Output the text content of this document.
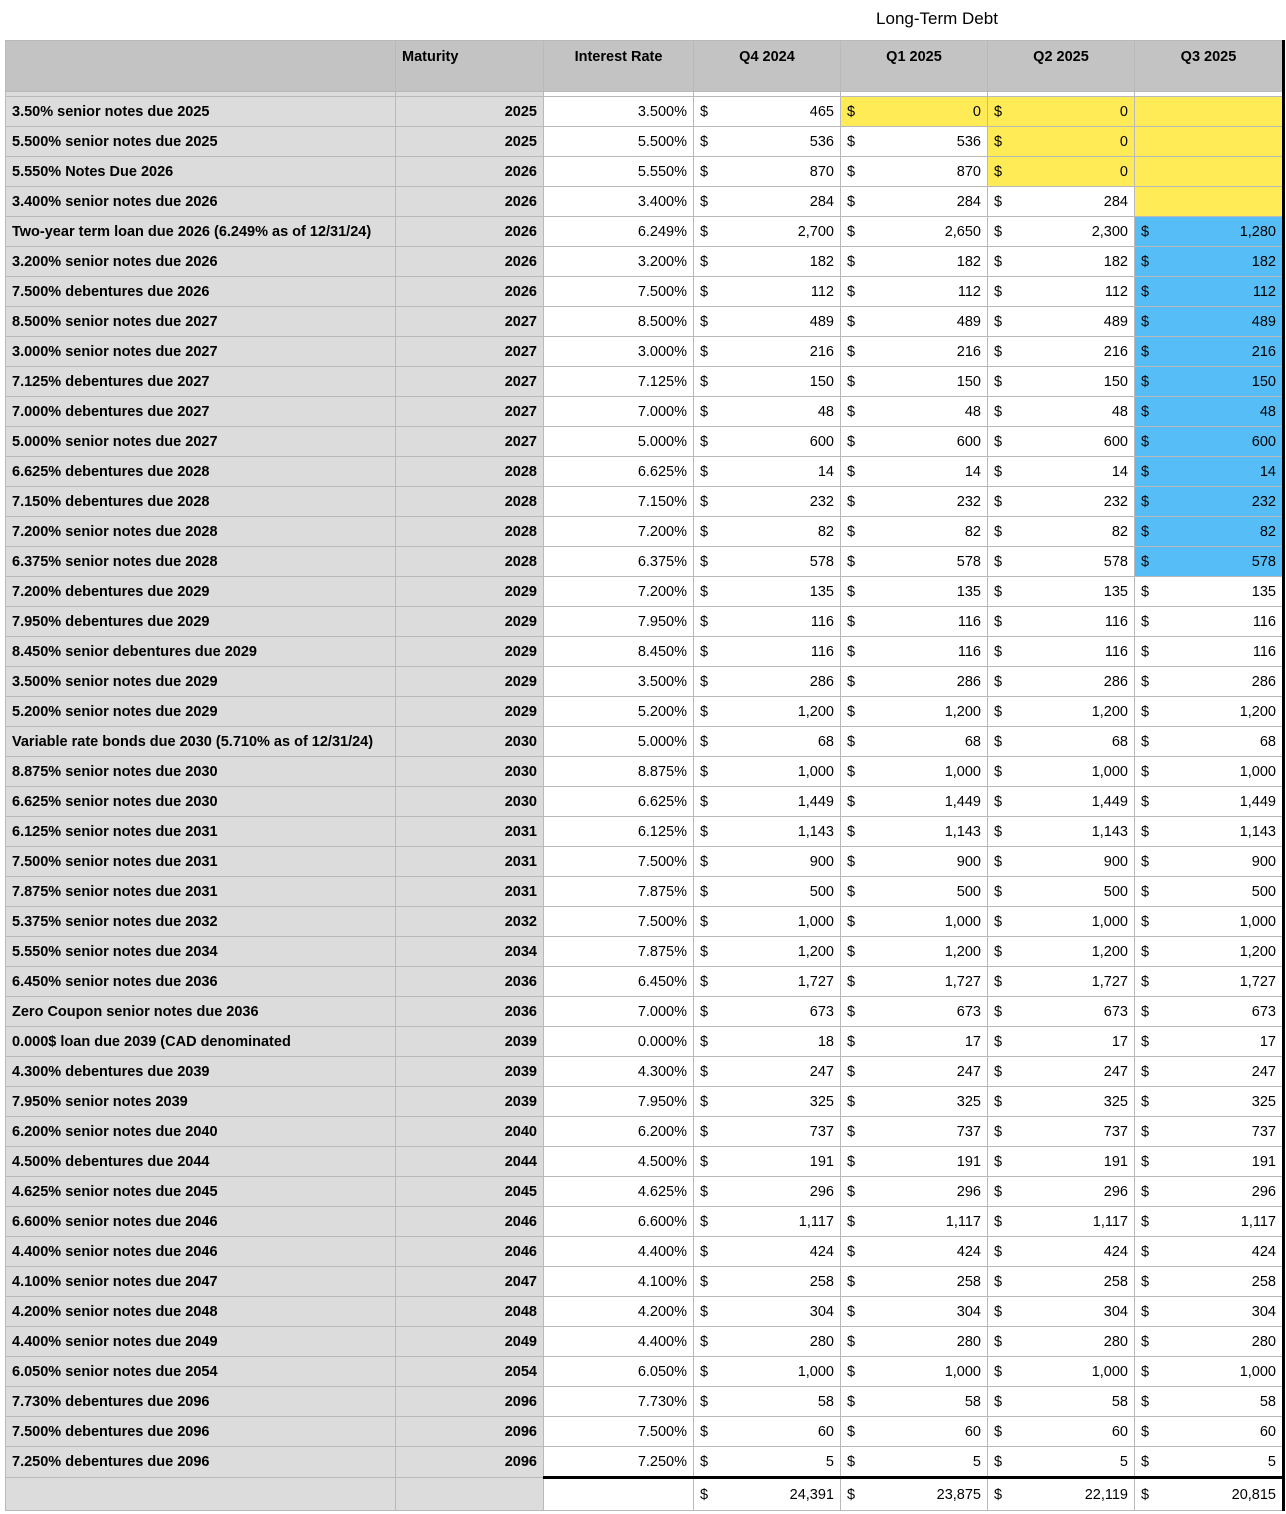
Long-Term Debt
	Maturity	Interest Rate	Q4 2024	Q1 2025	Q2 2025	Q3 2025

3.50% senior notes due 2025	2025	3.500%	$ 465	$ 0	$ 0	

5.500% senior notes due 2025	2025	5.500%	$ 536	$ 536	$ 0	

5.550% Notes Due 2026	2026	5.550%	$ 870	$ 870	$ 0	

3.400% senior notes due 2026	2026	3.400%	$ 284	$ 284	$ 284	

Two-year term loan due 2026 (6.249% as of 12/31/24)	2026	6.249%	$ 2,700	$ 2,650	$ 2,300	$ 1,280

3.200% senior notes due 2026	2026	3.200%	$ 182	$ 182	$ 182	$ 182

7.500% debentures due 2026	2026	7.500%	$ 112	$ 112	$ 112	$ 112

8.500% senior notes due 2027	2027	8.500%	$ 489	$ 489	$ 489	$ 489

3.000% senior notes due 2027	2027	3.000%	$ 216	$ 216	$ 216	$ 216

7.125% debentures due 2027	2027	7.125%	$ 150	$ 150	$ 150	$ 150

7.000% debentures due 2027	2027	7.000%	$ 48	$ 48	$ 48	$ 48

5.000% senior notes due 2027	2027	5.000%	$ 600	$ 600	$ 600	$ 600

6.625% debentures due 2028	2028	6.625%	$ 14	$ 14	$ 14	$ 14

7.150% debentures due 2028	2028	7.150%	$ 232	$ 232	$ 232	$ 232

7.200% senior notes due 2028	2028	7.200%	$ 82	$ 82	$ 82	$ 82

6.375% senior notes due 2028	2028	6.375%	$ 578	$ 578	$ 578	$ 578

7.200% debentures due 2029	2029	7.200%	$ 135	$ 135	$ 135	$ 135

7.950% debentures due 2029	2029	7.950%	$ 116	$ 116	$ 116	$ 116

8.450% senior debentures due 2029	2029	8.450%	$ 116	$ 116	$ 116	$ 116

3.500% senior notes due 2029	2029	3.500%	$ 286	$ 286	$ 286	$ 286

5.200% senior notes due 2029	2029	5.200%	$ 1,200	$ 1,200	$ 1,200	$ 1,200

Variable rate bonds due 2030 (5.710% as of 12/31/24)	2030	5.000%	$ 68	$ 68	$ 68	$ 68

8.875% senior notes due 2030	2030	8.875%	$ 1,000	$ 1,000	$ 1,000	$ 1,000

6.625% senior notes due 2030	2030	6.625%	$ 1,449	$ 1,449	$ 1,449	$ 1,449

6.125% senior notes due 2031	2031	6.125%	$ 1,143	$ 1,143	$ 1,143	$ 1,143

7.500% senior notes due 2031	2031	7.500%	$ 900	$ 900	$ 900	$ 900

7.875% senior notes due 2031	2031	7.875%	$ 500	$ 500	$ 500	$ 500

5.375% senior notes due 2032	2032	7.500%	$ 1,000	$ 1,000	$ 1,000	$ 1,000

5.550% senior notes due 2034	2034	7.875%	$ 1,200	$ 1,200	$ 1,200	$ 1,200

6.450% senior notes due 2036	2036	6.450%	$ 1,727	$ 1,727	$ 1,727	$ 1,727

Zero Coupon senior notes due 2036	2036	7.000%	$ 673	$ 673	$ 673	$ 673

0.000$ loan due 2039 (CAD denominated	2039	0.000%	$ 18	$ 17	$ 17	$ 17

4.300% debentures due 2039	2039	4.300%	$ 247	$ 247	$ 247	$ 247

7.950% senior notes 2039	2039	7.950%	$ 325	$ 325	$ 325	$ 325

6.200% senior notes due 2040	2040	6.200%	$ 737	$ 737	$ 737	$ 737

4.500% debentures due 2044	2044	4.500%	$ 191	$ 191	$ 191	$ 191

4.625% senior notes due 2045	2045	4.625%	$ 296	$ 296	$ 296	$ 296

6.600% senior notes due 2046	2046	6.600%	$ 1,117	$ 1,117	$ 1,117	$ 1,117

4.400% senior notes due 2046	2046	4.400%	$ 424	$ 424	$ 424	$ 424

4.100% senior notes due 2047	2047	4.100%	$ 258	$ 258	$ 258	$ 258

4.200% senior notes due 2048	2048	4.200%	$ 304	$ 304	$ 304	$ 304

4.400% senior notes due 2049	2049	4.400%	$ 280	$ 280	$ 280	$ 280

6.050% senior notes due 2054	2054	6.050%	$ 1,000	$ 1,000	$ 1,000	$ 1,000

7.730% debentures due 2096	2096	7.730%	$ 58	$ 58	$ 58	$ 58

7.500% debentures due 2096	2096	7.500%	$ 60	$ 60	$ 60	$ 60

7.250% debentures due 2096	2096	7.250%	$ 5	$ 5	$ 5	$ 5

			$ 24,391	$ 23,875	$ 22,119	$ 20,815
